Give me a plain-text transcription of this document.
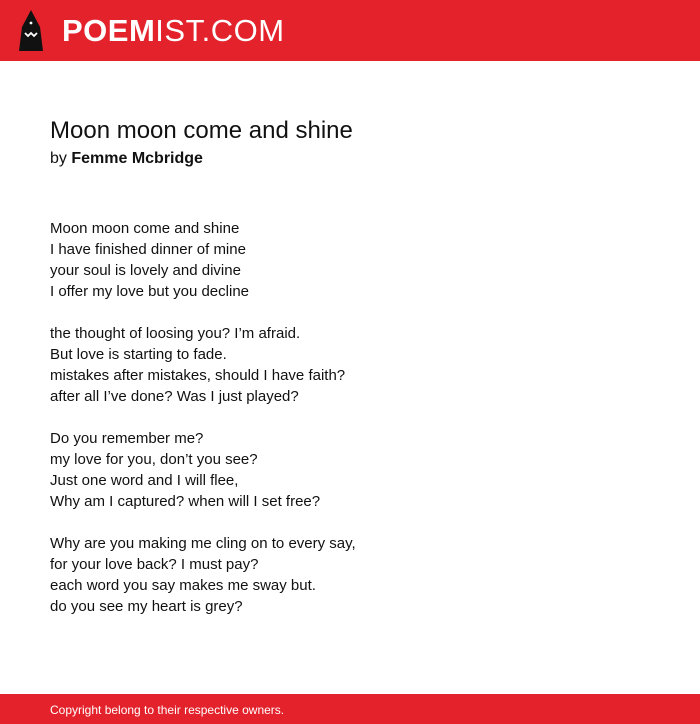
POEMIST.COM
Moon moon come and shine
by Femme Mcbridge
Moon moon come and shine
I have finished dinner of mine
your soul is lovely and divine
I offer my love but you decline
the thought of loosing you? I’m afraid.
But love is starting to fade.
mistakes after mistakes, should I have faith?
after all I’ve done? Was I just played?
Do you remember me?
my love for you, don’t you see?
Just one word and I will flee,
Why am I captured? when will I set free?
Why are you making me cling on to every say,
for your love back? I must pay?
each word you say makes me sway but.
do you see my heart is grey?
Copyright belong to their respective owners.
